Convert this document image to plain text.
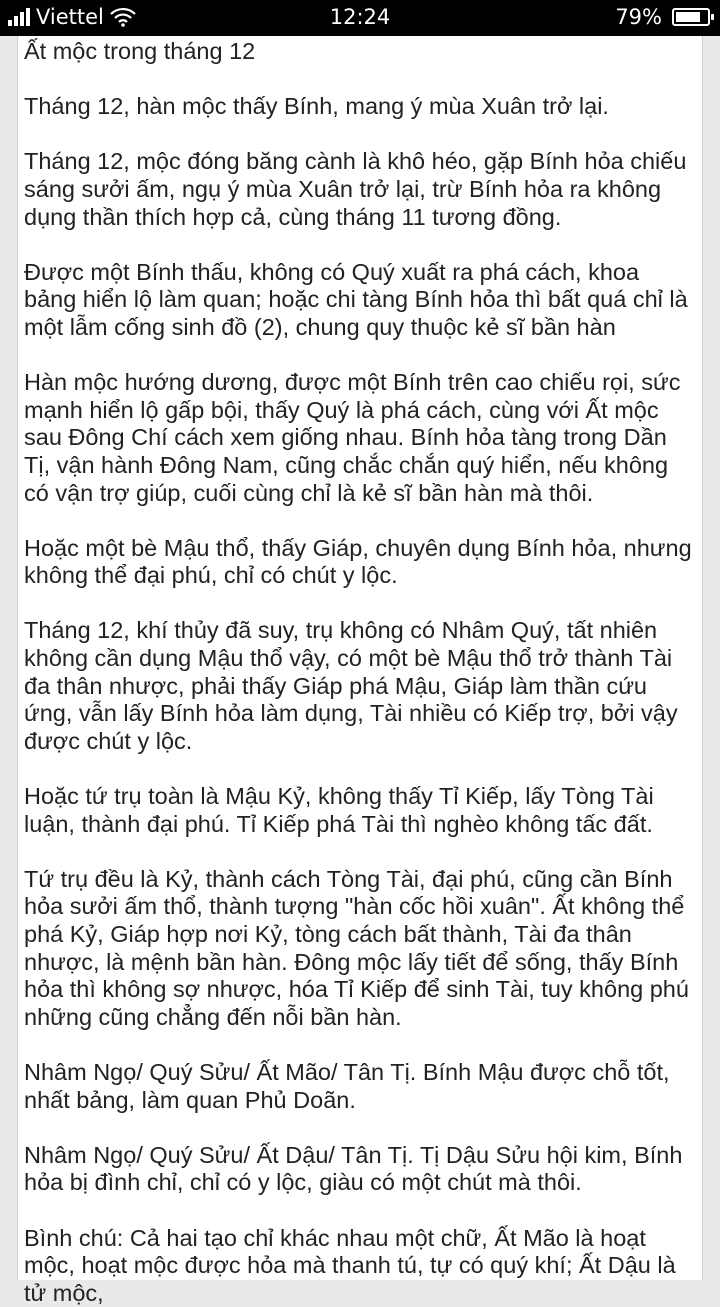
Viettel	12:24	79%

Ất mộc trong tháng 12

Tháng 12, hàn mộc thấy Bính, mang ý mùa Xuân trở lại.

Tháng 12, mộc đóng băng cành là khô héo, gặp Bính hỏa chiếu sáng sưởi ấm, ngụ ý mùa Xuân trở lại, trừ Bính hỏa ra không dụng thần thích hợp cả, cùng tháng 11 tương đồng.

Được một Bính thấu, không có Quý xuất ra phá cách, khoa bảng hiển lộ làm quan; hoặc chi tàng Bính hỏa thì bất quá chỉ là một lẫm cống sinh đồ (2), chung quy thuộc kẻ sĩ bần hàn

Hàn mộc hướng dương, được một Bính trên cao chiếu rọi, sức mạnh hiển lộ gấp bội, thấy Quý là phá cách, cùng với Ất mộc sau Đông Chí cách xem giống nhau. Bính hỏa tàng trong Dần Tị, vận hành Đông Nam, cũng chắc chắn quý hiển, nếu không có vận trợ giúp, cuối cùng chỉ là kẻ sĩ bần hàn mà thôi.

Hoặc một bè Mậu thổ, thấy Giáp, chuyên dụng Bính hỏa, nhưng không thể đại phú, chỉ có chút y lộc.

Tháng 12, khí thủy đã suy, trụ không có Nhâm Quý, tất nhiên không cần dụng Mậu thổ vậy, có một bè Mậu thổ trở thành Tài đa thân nhược, phải thấy Giáp phá Mậu, Giáp làm thần cứu ứng, vẫn lấy Bính hỏa làm dụng, Tài nhiều có Kiếp trợ, bởi vậy được chút y lộc.

Hoặc tứ trụ toàn là Mậu Kỷ, không thấy Tỉ Kiếp, lấy Tòng Tài luận, thành đại phú. Tỉ Kiếp phá Tài thì nghèo không tấc đất.

Tứ trụ đều là Kỷ, thành cách Tòng Tài, đại phú, cũng cần Bính hỏa sưởi ấm thổ, thành tượng "hàn cốc hồi xuân". Ất không thể phá Kỷ, Giáp hợp nơi Kỷ, tòng cách bất thành, Tài đa thân nhược, là mệnh bần hàn. Đông mộc lấy tiết để sống, thấy Bính hỏa thì không sợ nhược, hóa Tỉ Kiếp để sinh Tài, tuy không phú những cũng chẳng đến nỗi bần hàn.

Nhâm Ngọ/ Quý Sửu/ Ất Mão/ Tân Tị. Bính Mậu được chỗ tốt, nhất bảng, làm quan Phủ Doãn.

Nhâm Ngọ/ Quý Sửu/ Ất Dậu/ Tân Tị. Tị Dậu Sửu hội kim, Bính hỏa bị đình chỉ, chỉ có y lộc, giàu có một chút mà thôi.

Bình chú: Cả hai tạo chỉ khác nhau một chữ, Ất Mão là hoạt mộc, hoạt mộc được hỏa mà thanh tú, tự có quý khí; Ất Dậu là tử mộc,
